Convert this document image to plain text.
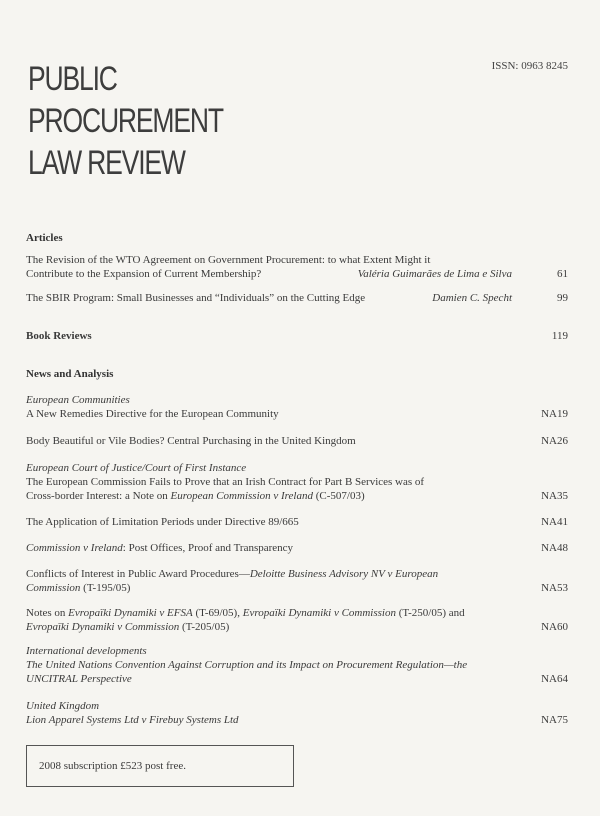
PUBLIC
PROCUREMENT
LAW REVIEW
ISSN: 0963 8245
Articles
The Revision of the WTO Agreement on Government Procurement: to what Extent Might it
Contribute to the Expansion of Current Membership?	Valéria Guimarães de Lima e Silva	61
The SBIR Program: Small Businesses and “Individuals” on the Cutting Edge	Damien C. Specht	99
Book Reviews	119
News and Analysis
European Communities
A New Remedies Directive for the European Community	NA19
Body Beautiful or Vile Bodies? Central Purchasing in the United Kingdom	NA26
European Court of Justice/Court of First Instance
The European Commission Fails to Prove that an Irish Contract for Part B Services was of
Cross-border Interest: a Note on European Commission v Ireland (C-507/03)	NA35
The Application of Limitation Periods under Directive 89/665	NA41
Commission v Ireland: Post Offices, Proof and Transparency	NA48
Conflicts of Interest in Public Award Procedures—Deloitte Business Advisory NV v European
Commission (T-195/05)	NA53
Notes on Evropaïki Dynamiki v EFSA (T-69/05), Evropaïki Dynamiki v Commission (T-250/05) and
Evropaïki Dynamiki v Commission (T-205/05)	NA60
International developments
The United Nations Convention Against Corruption and its Impact on Procurement Regulation—the
UNCITRAL Perspective	NA64
United Kingdom
Lion Apparel Systems Ltd v Firebuy Systems Ltd	NA75
2008 subscription £523 post free.
